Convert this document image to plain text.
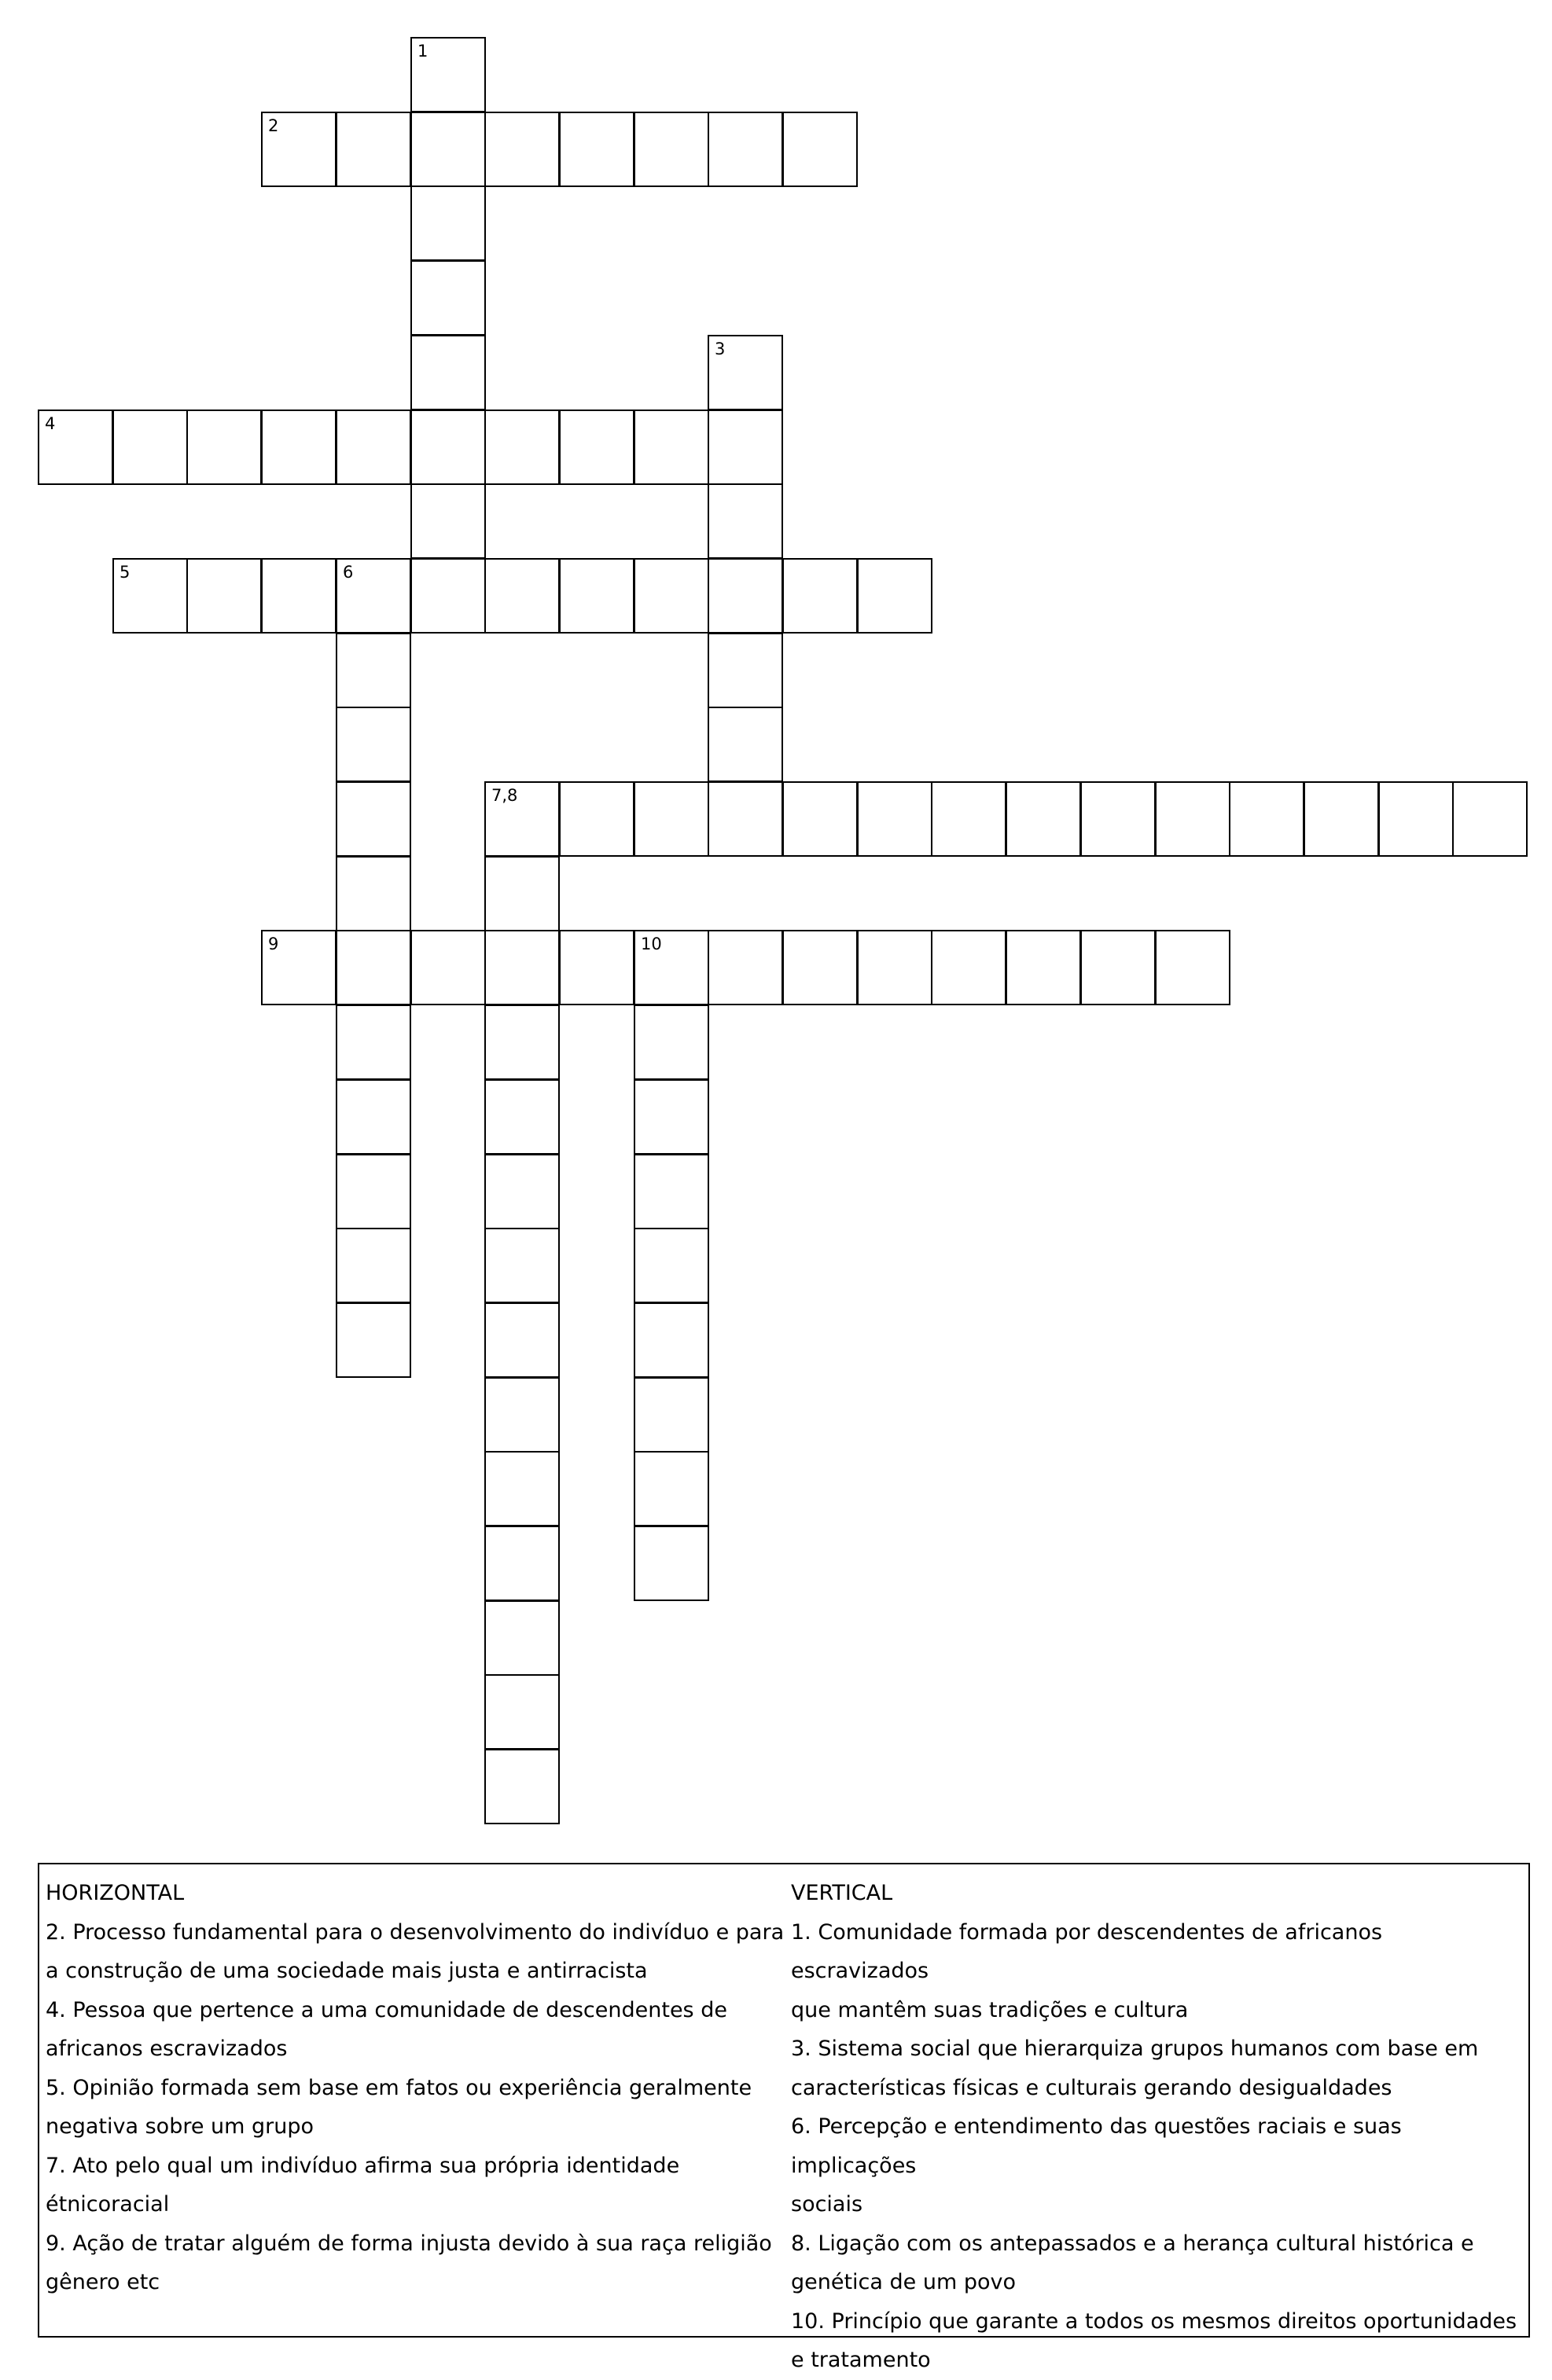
1
2
3
4
5	6
7,8
9	10
HORIZONTAL
2. Processo fundamental para o desenvolvimento do indivíduo e para
a construção de uma sociedade mais justa e antirracista
4. Pessoa que pertence a uma comunidade de descendentes de
africanos escravizados
5. Opinião formada sem base em fatos ou experiência geralmente
negativa sobre um grupo
7. Ato pelo qual um indivíduo afirma sua própria identidade
étnicoracial
9. Ação de tratar alguém de forma injusta devido à sua raça religião
gênero etc
VERTICAL
1. Comunidade formada por descendentes de africanos escravizados
que mantêm suas tradições e cultura
3. Sistema social que hierarquiza grupos humanos com base em
características físicas e culturais gerando desigualdades
6. Percepção e entendimento das questões raciais e suas implicações
sociais
8. Ligação com os antepassados e a herança cultural histórica e
genética de um povo
10. Princípio que garante a todos os mesmos direitos oportunidades
e tratamento
